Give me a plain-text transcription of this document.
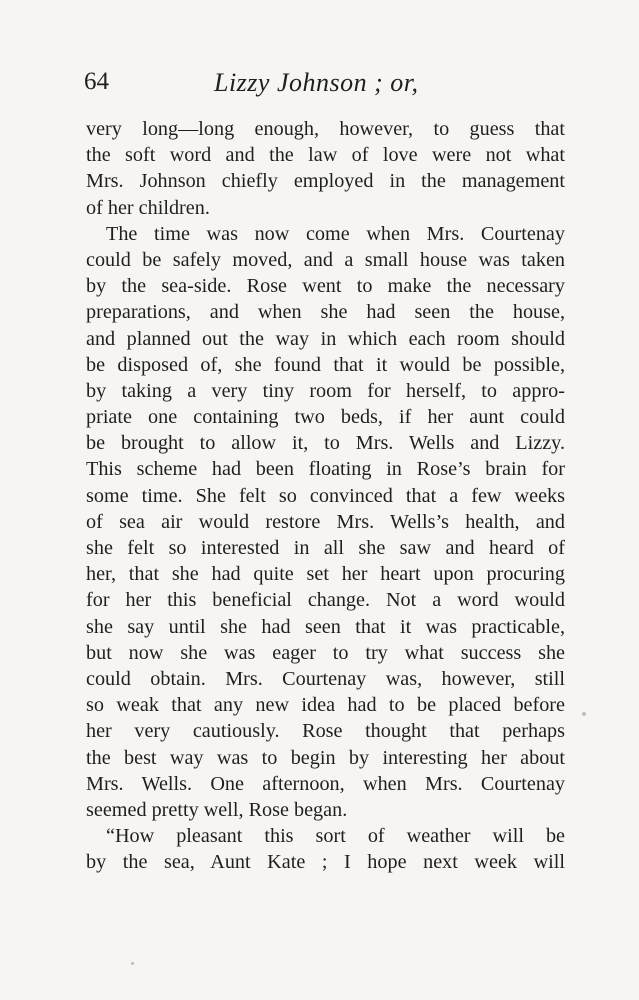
64	Lizzy Johnson ; or,
very long—long enough, however, to guess that
the soft word and the law of love were not what
Mrs. Johnson chiefly employed in the management
of her children.
The time was now come when Mrs. Courtenay
could be safely moved, and a small house was taken
by the sea-side. Rose went to make the necessary
preparations, and when she had seen the house,
and planned out the way in which each room should
be disposed of, she found that it would be possible,
by taking a very tiny room for herself, to appro-
priate one containing two beds, if her aunt could
be brought to allow it, to Mrs. Wells and Lizzy.
This scheme had been floating in Rose’s brain for
some time. She felt so convinced that a few weeks
of sea air would restore Mrs. Wells’s health, and
she felt so interested in all she saw and heard of
her, that she had quite set her heart upon procuring
for her this beneficial change. Not a word would
she say until she had seen that it was practicable,
but now she was eager to try what success she
could obtain. Mrs. Courtenay was, however, still
so weak that any new idea had to be placed before
her very cautiously. Rose thought that perhaps
the best way was to begin by interesting her about
Mrs. Wells. One afternoon, when Mrs. Courtenay
seemed pretty well, Rose began.
“How pleasant this sort of weather will be
by the sea, Aunt Kate ; I hope next week will
